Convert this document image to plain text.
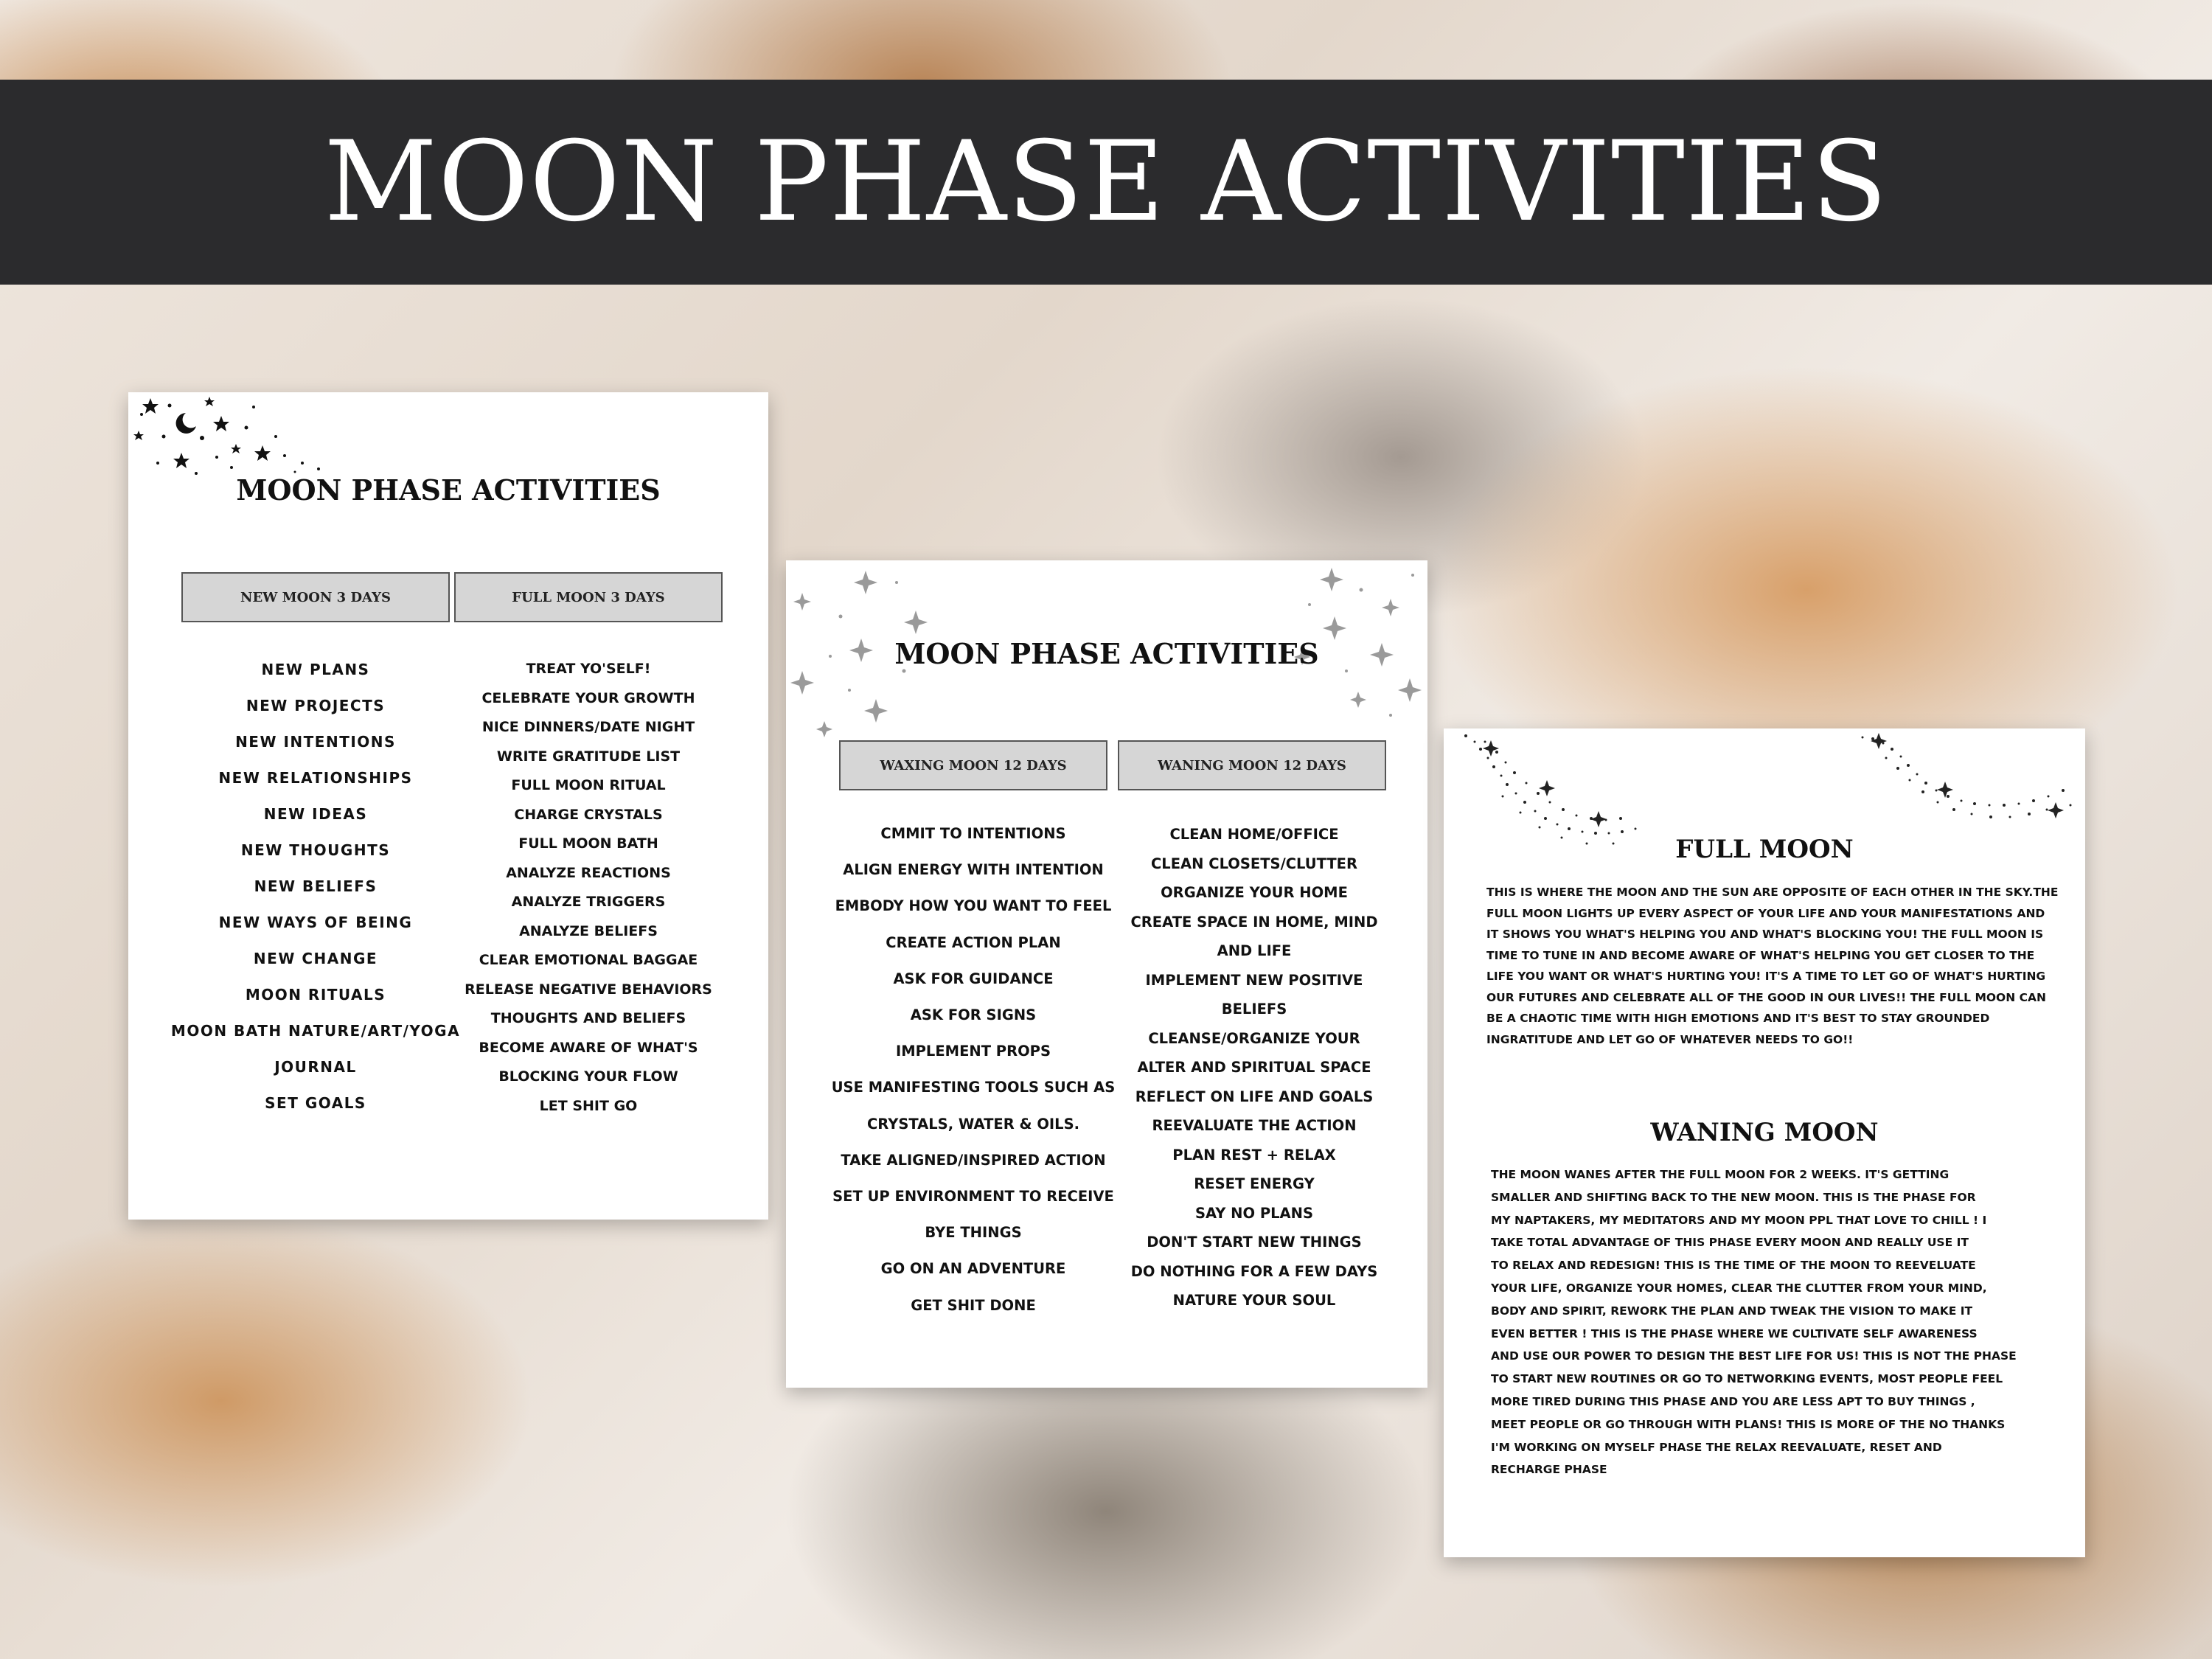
MOON PHASE ACTIVITIES
MOON PHASE ACTIVITIES
NEW MOON 3 DAYS	FULL MOON 3 DAYS
NEW PLANS
NEW PROJECTS
NEW INTENTIONS
NEW RELATIONSHIPS
NEW IDEAS
NEW THOUGHTS
NEW BELIEFS
NEW WAYS OF BEING
NEW CHANGE
MOON RITUALS
MOON BATH NATURE/ART/YOGA
JOURNAL
SET GOALS
TREAT YO'SELF!
CELEBRATE YOUR GROWTH
NICE DINNERS/DATE NIGHT
WRITE GRATITUDE LIST
FULL MOON RITUAL
CHARGE CRYSTALS
FULL MOON BATH
ANALYZE REACTIONS
ANALYZE TRIGGERS
ANALYZE BELIEFS
CLEAR EMOTIONAL BAGGAE
RELEASE NEGATIVE BEHAVIORS
THOUGHTS AND BELIEFS
BECOME AWARE OF WHAT'S
BLOCKING YOUR FLOW
LET SHIT GO
MOON PHASE ACTIVITIES
WAXING MOON 12 DAYS	WANING MOON 12 DAYS
CMMIT TO INTENTIONS
ALIGN ENERGY WITH INTENTION
EMBODY HOW YOU WANT TO FEEL
CREATE ACTION PLAN
ASK FOR GUIDANCE
ASK FOR SIGNS
IMPLEMENT PROPS
USE MANIFESTING TOOLS SUCH AS
CRYSTALS, WATER & OILS.
TAKE ALIGNED/INSPIRED ACTION
SET UP ENVIRONMENT TO RECEIVE
BYE THINGS
GO ON AN ADVENTURE
GET SHIT DONE
CLEAN HOME/OFFICE
CLEAN CLOSETS/CLUTTER
ORGANIZE YOUR HOME
CREATE SPACE IN HOME, MIND
AND LIFE
IMPLEMENT NEW POSITIVE
BELIEFS
CLEANSE/ORGANIZE YOUR
ALTER AND SPIRITUAL SPACE
REFLECT ON LIFE AND GOALS
REEVALUATE THE ACTION
PLAN REST + RELAX
RESET ENERGY
SAY NO PLANS
DON'T START NEW THINGS
DO NOTHING FOR A FEW DAYS
NATURE YOUR SOUL
FULL MOON

THIS IS WHERE THE MOON AND THE SUN ARE OPPOSITE OF EACH OTHER IN THE SKY.THE
FULL MOON LIGHTS UP EVERY ASPECT OF YOUR LIFE AND YOUR MANIFESTATIONS AND
IT SHOWS YOU WHAT'S HELPING YOU AND WHAT'S BLOCKING YOU! THE FULL MOON IS
TIME TO TUNE IN AND BECOME AWARE OF WHAT'S HELPING YOU GET CLOSER TO THE
LIFE YOU WANT OR WHAT'S HURTING YOU! IT'S A TIME TO LET GO OF WHAT'S HURTING
OUR FUTURES AND CELEBRATE ALL OF THE GOOD IN OUR LIVES!! THE FULL MOON CAN
BE A CHAOTIC TIME WITH HIGH EMOTIONS AND IT'S BEST TO STAY GROUNDED
INGRATITUDE AND LET GO OF WHATEVER NEEDS TO GO!!

WANING MOON

THE MOON WANES AFTER THE FULL MOON FOR 2 WEEKS. IT'S GETTING
SMALLER AND SHIFTING BACK TO THE NEW MOON. THIS IS THE PHASE FOR
MY NAPTAKERS, MY MEDITATORS AND MY MOON PPL THAT LOVE TO CHILL ! I
TAKE TOTAL ADVANTAGE OF THIS PHASE EVERY MOON AND REALLY USE IT
TO RELAX AND REDESIGN! THIS IS THE TIME OF THE MOON TO REEVELUATE
YOUR LIFE, ORGANIZE YOUR HOMES, CLEAR THE CLUTTER FROM YOUR MIND,
BODY AND SPIRIT, REWORK THE PLAN AND TWEAK THE VISION TO MAKE IT
EVEN BETTER ! THIS IS THE PHASE WHERE WE CULTIVATE SELF AWARENESS
AND USE OUR POWER TO DESIGN THE BEST LIFE FOR US! THIS IS NOT THE PHASE
TO START NEW ROUTINES OR GO TO NETWORKING EVENTS, MOST PEOPLE FEEL
MORE TIRED DURING THIS PHASE AND YOU ARE LESS APT TO BUY THINGS ,
MEET PEOPLE OR GO THROUGH WITH PLANS! THIS IS MORE OF THE NO THANKS
I'M WORKING ON MYSELF PHASE THE RELAX REEVALUATE, RESET AND
RECHARGE PHASE
